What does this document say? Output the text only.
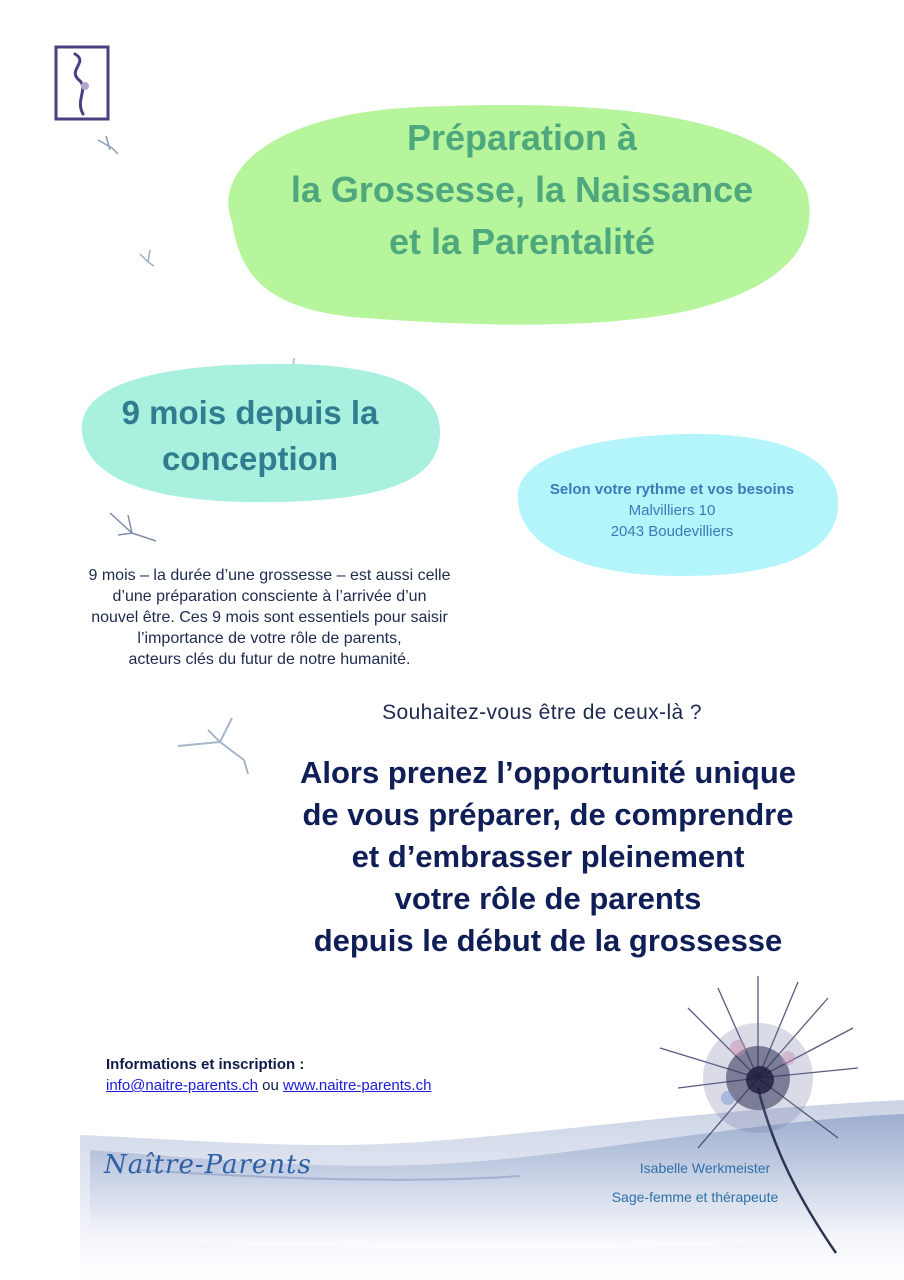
Préparation à
la Grossesse, la Naissance
et la Parentalité
9 mois depuis la
conception
Selon votre rythme et vos besoins
Malvilliers 10
2043 Boudevilliers
9 mois – la durée d’une grossesse – est aussi celle
d’une préparation consciente à l’arrivée d’un
nouvel être. Ces 9 mois sont essentiels pour saisir
l’importance de votre rôle de parents,
acteurs clés du futur de notre humanité.
Souhaitez-vous être de ceux-là ?
Alors prenez l’opportunité unique
de vous préparer, de comprendre
et d’embrasser pleinement
votre rôle de parents
depuis le début de la grossesse
Informations et inscription :
info@naitre-parents.ch ou www.naitre-parents.ch
Naître-Parents	Isabelle Werkmeister
Sage-femme et thérapeute
